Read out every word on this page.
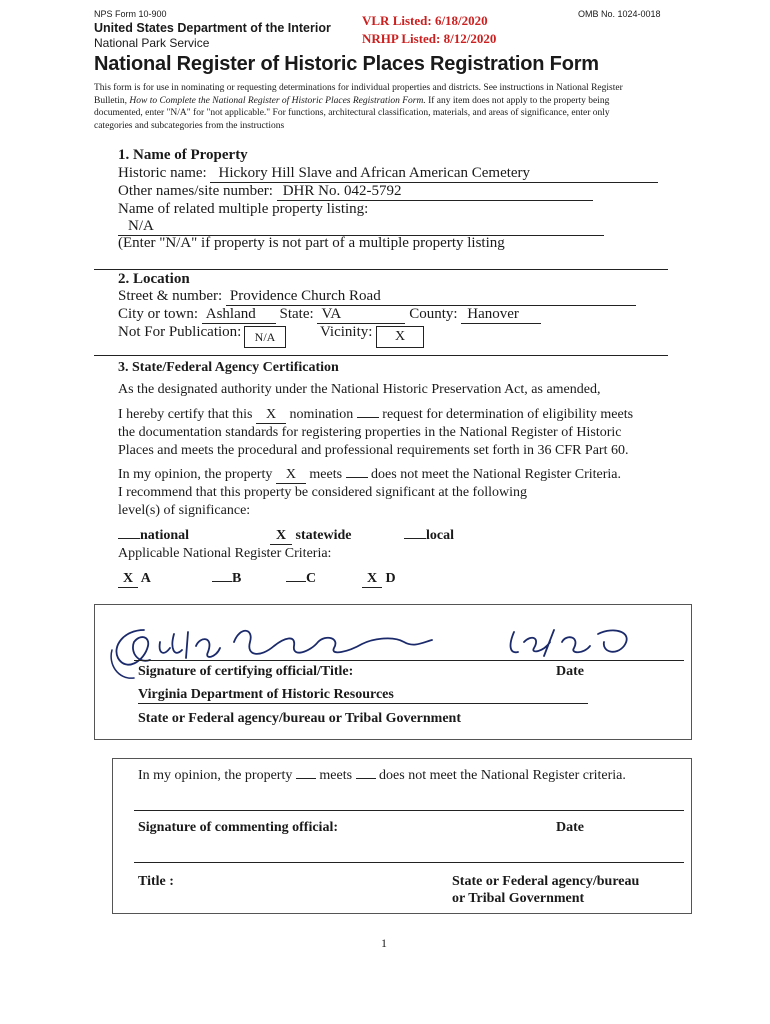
NPS Form 10-900
United States Department of the Interior
National Park Service
VLR Listed: 6/18/2020
NRHP Listed: 8/12/2020
OMB No. 1024-0018
National Register of Historic Places Registration Form
This form is for use in nominating or requesting determinations for individual properties and districts. See instructions in National Register
Bulletin, How to Complete the National Register of Historic Places Registration Form. If any item does not apply to the property being
documented, enter "N/A" for "not applicable." For functions, architectural classification, materials, and areas of significance, enter only
categories and subcategories from the instructions
1. Name of Property
Historic name: Hickory Hill Slave and African American Cemetery
Other names/site number: DHR No. 042-5792
Name of related multiple property listing:
N/A
(Enter "N/A" if property is not part of a multiple property listing
2. Location
Street & number: Providence Church Road
City or town: Ashland State: VA	County: Hanover
Not For Publication:	N/A	Vicinity:	X
3. State/Federal Agency Certification
As the designated authority under the National Historic Preservation Act, as amended,
I hereby certify that this X nomination request for determination of eligibility meets
the documentation standards for registering properties in the National Register of Historic
Places and meets the procedural and professional requirements set forth in 36 CFR Part 60.
In my opinion, the property X meets does not meet the National Register Criteria.
I recommend that this property be considered significant at the following
level(s) of significance:
national	X statewide	local
Applicable National Register Criteria:
X A	B	C	X D
Signature of certifying official/Title:	Date
Virginia Department of Historic Resources
State or Federal agency/bureau or Tribal Government
In my opinion, the property meets does not meet the National Register criteria.
Signature of commenting official:	Date
Title :	State or Federal agency/bureau
or Tribal Government
1
